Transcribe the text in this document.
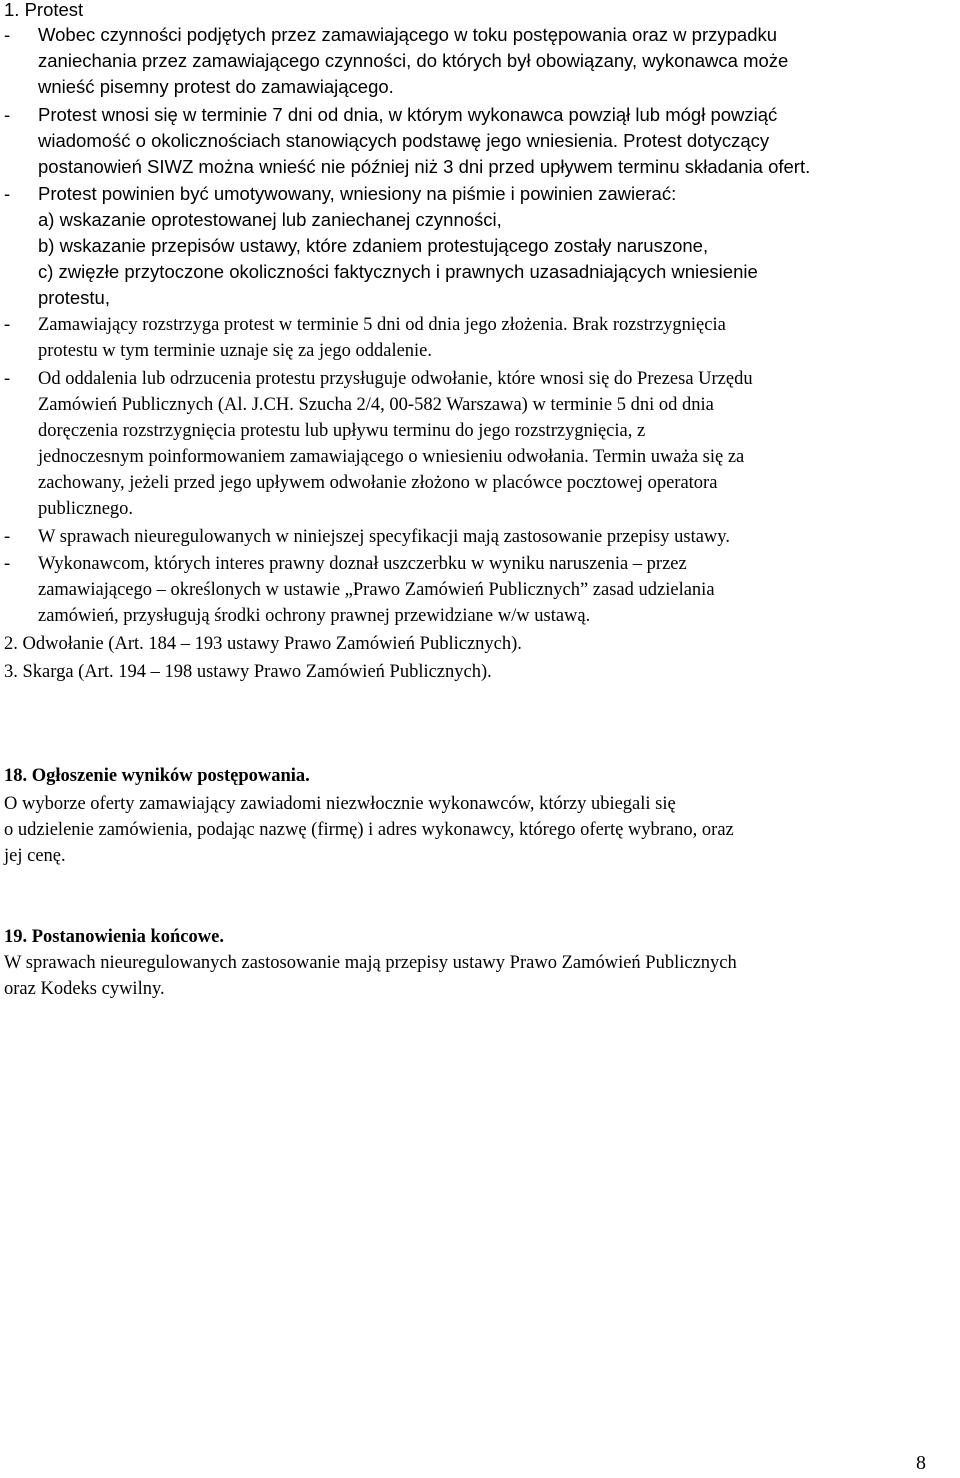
1. Protest
- Wobec czynności podjętych przez zamawiającego w toku postępowania oraz w przypadku
zaniechania przez zamawiającego czynności, do których był obowiązany, wykonawca może
wnieść pisemny protest do zamawiającego.
- Protest wnosi się w terminie 7 dni od dnia, w którym wykonawca powziął lub mógł powziąć
wiadomość o okolicznościach stanowiących podstawę jego wniesienia. Protest dotyczący
postanowień SIWZ można wnieść nie później niż 3 dni przed upływem terminu składania ofert.
- Protest powinien być umotywowany, wniesiony na piśmie i powinien zawierać:
a) wskazanie oprotestowanej lub zaniechanej czynności,
b) wskazanie przepisów ustawy, które zdaniem protestującego zostały naruszone,
c) zwięzłe przytoczone okoliczności faktycznych i prawnych uzasadniających wniesienie
protestu,
- Zamawiający rozstrzyga protest w terminie 5 dni od dnia jego złożenia. Brak rozstrzygnięcia
protestu w tym terminie uznaje się za jego oddalenie.
- Od oddalenia lub odrzucenia protestu przysługuje odwołanie, które wnosi się do Prezesa Urzędu
Zamówień Publicznych (Al. J.CH. Szucha 2/4, 00-582 Warszawa) w terminie 5 dni od dnia
doręczenia rozstrzygnięcia protestu lub upływu terminu do jego rozstrzygnięcia, z
jednoczesnym poinformowaniem zamawiającego o wniesieniu odwołania. Termin uważa się za
zachowany, jeżeli przed jego upływem odwołanie złożono w placówce pocztowej operatora
publicznego.
- W sprawach nieuregulowanych w niniejszej specyfikacji mają zastosowanie przepisy ustawy.
- Wykonawcom, których interes prawny doznał uszczerbku w wyniku naruszenia – przez
zamawiającego – określonych w ustawie „Prawo Zamówień Publicznych” zasad udzielania
zamówień, przysługują środki ochrony prawnej przewidziane w/w ustawą.
2. Odwołanie (Art. 184 – 193 ustawy Prawo Zamówień Publicznych).
3. Skarga (Art. 194 – 198 ustawy Prawo Zamówień Publicznych).
18. Ogłoszenie wyników postępowania.
O wyborze oferty zamawiający zawiadomi niezwłocznie wykonawców, którzy ubiegali się
o udzielenie zamówienia, podając nazwę (firmę) i adres wykonawcy, którego ofertę wybrano, oraz
jej cenę.
19. Postanowienia końcowe.
W sprawach nieuregulowanych zastosowanie mają przepisy ustawy Prawo Zamówień Publicznych
oraz Kodeks cywilny.
8
